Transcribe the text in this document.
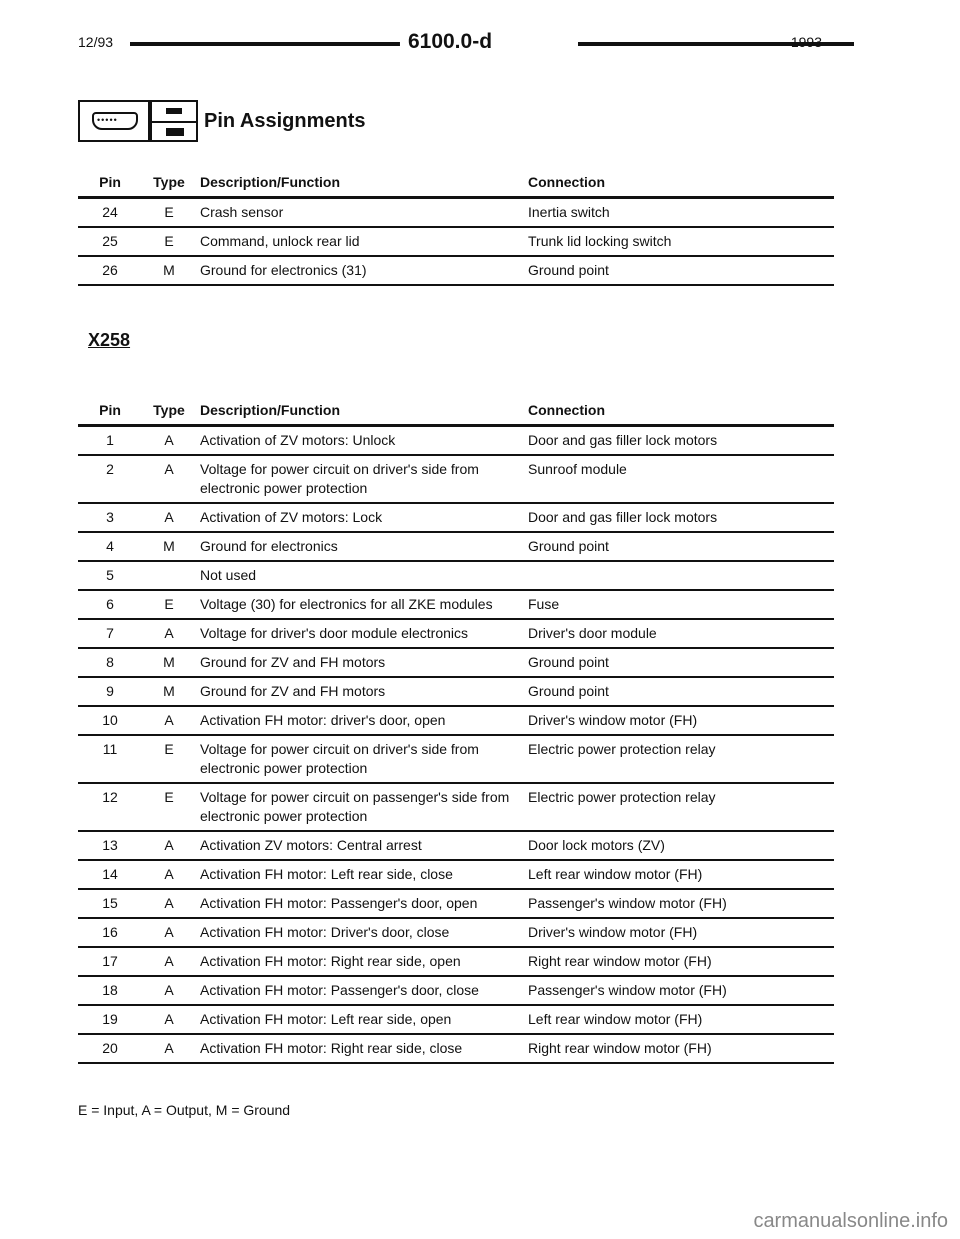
12/93	6100.0-d	1993
•••••	Pin Assignments
Pin	Type	Description/Function	Connection
24	E	Crash sensor	Inertia switch
25	E	Command, unlock rear lid	Trunk lid locking switch
26	M	Ground for electronics (31)	Ground point
X258
Pin	Type	Description/Function	Connection
1	A	Activation of ZV motors: Unlock	Door and gas filler lock motors
2	A	Voltage for power circuit on driver's side from electronic power protection	Sunroof module
3	A	Activation of ZV motors: Lock	Door and gas filler lock motors
4	M	Ground for electronics	Ground point
5		Not used	
6	E	Voltage (30) for electronics for all ZKE modules	Fuse
7	A	Voltage for driver's door module electronics	Driver's door module
8	M	Ground for ZV and FH motors	Ground point
9	M	Ground for ZV and FH motors	Ground point
10	A	Activation FH motor: driver's door, open	Driver's window motor (FH)
11	E	Voltage for power circuit on driver's side from electronic power protection	Electric power protection relay
12	E	Voltage for power circuit on passenger's side from electronic power protection	Electric power protection relay
13	A	Activation ZV motors: Central arrest	Door lock motors (ZV)
14	A	Activation FH motor: Left rear side, close	Left rear window motor (FH)
15	A	Activation FH motor: Passenger's door, open	Passenger's window motor (FH)
16	A	Activation FH motor: Driver's door, close	Driver's window motor (FH)
17	A	Activation FH motor: Right rear side, open	Right rear window motor (FH)
18	A	Activation FH motor: Passenger's door, close	Passenger's window motor (FH)
19	A	Activation FH motor: Left rear side, open	Left rear window motor (FH)
20	A	Activation FH motor: Right rear side, close	Right rear window motor (FH)
E = Input, A = Output, M = Ground
carmanualsonline.info
